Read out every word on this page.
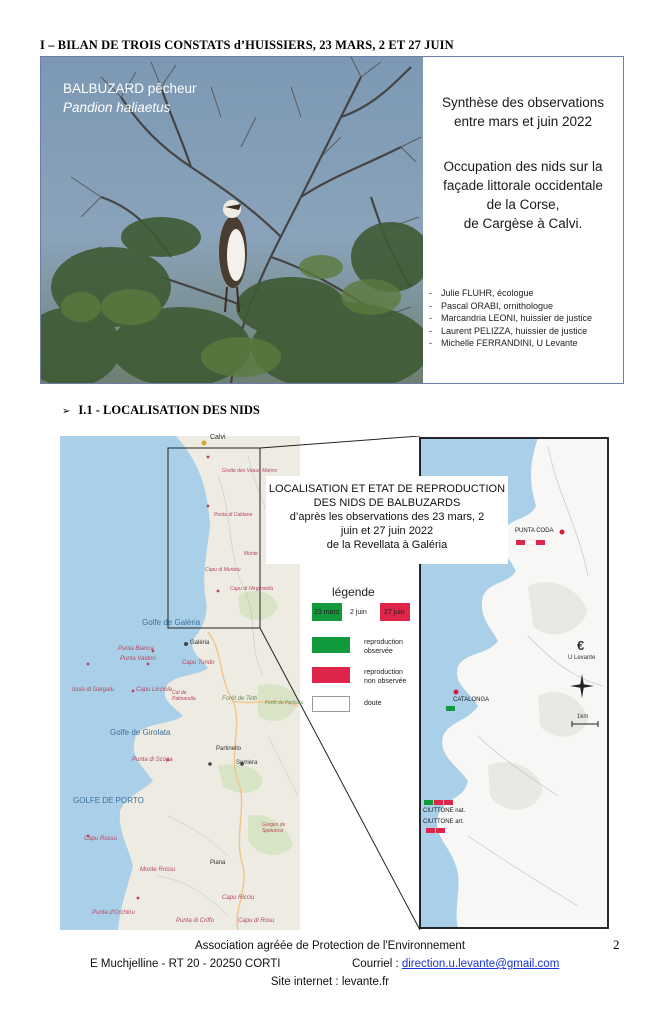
I – BILAN DE TROIS CONSTATS d’HUISSIERS, 23 MARS, 2 ET 27 JUIN
BALBUZARD pêcheur
Pandion haliaetus	Synthèse des observations
entre mars et juin 2022
Occupation des nids sur la
façade littorale occidentale
de la Corse,
de Cargèse à Calvi.
- Julie FLUHR, écologue
- Pascal ORABI, ornithologue
- Marcandria LEONI, huissier de justice
- Laurent PELIZZA, huissier de justice
- Michelle FERRANDINI, U Levante
➢ I.1 - LOCALISATION DES NIDS
LOCALISATION ET ETAT DE REPRODUCTION
DES NIDS DE BALBUZARDS
d’après les observations des 23 mars, 2
juin et 27 juin 2022
de la Revellata à Galéria
légende
23 mars 2 juin 27 juin
reproduction
observée
reproduction
non observée
doute
PUNTA CODA
CATALONGA
CIUTTONE nat.
CIUTTONE art.
€
U Levante
1km
Calvi
Grotte des Veaux Marins
Punta di Caldane
Monte
Capu di Murtetu
Capu di l'Argentella
Golfe de Galéria
Galéria
Punta Bianca
Punta Vaidori
Capu Tondo
Isola di Gargalu	Capu Licciola Col de Palmarella	Forêt de Tetti
Forêt du Pericatu
Golfe de Girolata
Punta di Scopa
Partinello
Serriera
GOLFE DE PORTO
Capu Rossu
Monte Rossu
Piana
Gorges de Spelunca
Punta d'Orchinu
Punta di Criffo
Capu Ricciu
Capu di Rosu
Association agréée de Protection de l'Environnement
E Muchjelline - RT 20 - 20250 CORTI	Courriel : direction.u.levante@gmail.com
Site internet : levante.fr
2
